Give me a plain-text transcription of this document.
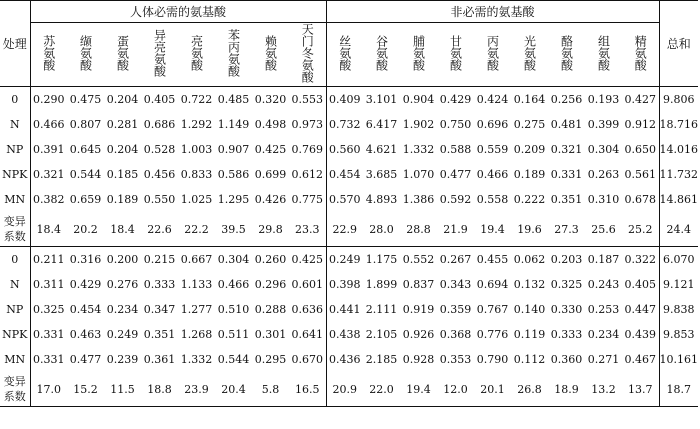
处理	人体必需的氨基酸								非必需的氨基酸									总和
	苏氨酸	缬氨酸	蛋氨酸	异亮氨酸	亮氨酸	苯丙氨酸	赖氨酸	天门冬氨酸	丝氨酸	谷氨酸	脯氨酸	甘氨酸	丙氨酸	光氨酸	酪氨酸	组氨酸	精氨酸	
0	0.290	0.475	0.204	0.405	0.722	0.485	0.320	0.553	0.409	3.101	0.904	0.429	0.424	0.164	0.256	0.193	0.427	9.806
N	0.466	0.807	0.281	0.686	1.292	1.149	0.498	0.973	0.732	6.417	1.902	0.750	0.696	0.275	0.481	0.399	0.912	18.716
NP	0.391	0.645	0.204	0.528	1.003	0.907	0.425	0.769	0.560	4.621	1.332	0.588	0.559	0.209	0.321	0.304	0.650	14.016
NPK	0.321	0.544	0.185	0.456	0.833	0.586	0.699	0.612	0.454	3.685	1.070	0.477	0.466	0.189	0.331	0.263	0.561	11.732
MN	0.382	0.659	0.189	0.550	1.025	1.295	0.426	0.775	0.570	4.893	1.386	0.592	0.558	0.222	0.351	0.310	0.678	14.861
变异系数	18.4	20.2	18.4	22.6	22.2	39.5	29.8	23.3	22.9	28.0	28.8	21.9	19.4	19.6	27.3	25.6	25.2	24.4
0	0.211	0.316	0.200	0.215	0.667	0.304	0.260	0.425	0.249	1.175	0.552	0.267	0.455	0.062	0.203	0.187	0.322	6.070
N	0.311	0.429	0.276	0.333	1.133	0.466	0.296	0.601	0.398	1.899	0.837	0.343	0.694	0.132	0.325	0.243	0.405	9.121
NP	0.325	0.454	0.234	0.347	1.277	0.510	0.288	0.636	0.441	2.111	0.919	0.359	0.767	0.140	0.330	0.253	0.447	9.838
NPK	0.331	0.463	0.249	0.351	1.268	0.511	0.301	0.641	0.438	2.105	0.926	0.368	0.776	0.119	0.333	0.234	0.439	9.853
MN	0.331	0.477	0.239	0.361	1.332	0.544	0.295	0.670	0.436	2.185	0.928	0.353	0.790	0.112	0.360	0.271	0.467	10.161
变异系数	17.0	15.2	11.5	18.8	23.9	20.4	5.8	16.5	20.9	22.0	19.4	12.0	20.1	26.8	18.9	13.2	13.7	18.7
